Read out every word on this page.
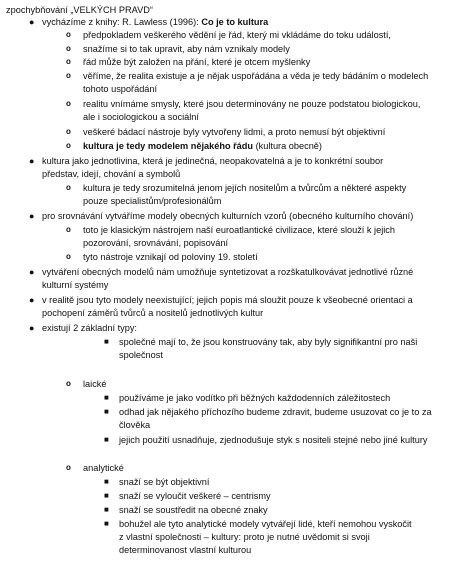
zpochybňování „VELKÝCH PRAVD“
● vycházíme z knihy: R. Lawless (1996): Co je to kultura
o předpokladem veškerého vědění je řád, který mi vkládáme do toku událostí,
o snažíme si to tak upravit, aby nám vznikaly modely
o řád může být založen na přání, které je otcem myšlenky
o věříme, že realita existuje a je nějak uspořádána a věda je tedy bádáním o modelech
tohoto uspořádání
o realitu vnímáme smysly, které jsou determinovány ne pouze podstatou biologickou,
ale i sociologickou a sociální
o veškeré bádací nástroje byly vytvořeny lidmi, a proto nemusí být objektivní
o kultura je tedy modelem nějakého řádu (kultura obecně)
● kultura jako jednotlivina, která je jedinečná, neopakovatelná a je to konkrétní soubor
představ, idejí, chování a symbolů
o kultura je tedy srozumitelná jenom jejích nositelům a tvůrcům a některé aspekty
pouze specialistům/profesionálům
● pro srovnávání vytváříme modely obecných kulturních vzorů (obecného kulturního chování)
o toto je klasickým nástrojem naší euroatlantické civilizace, které slouží k jejich
pozorování, srovnávání, popisování
o tyto nástroje vznikají od poloviny 19. století
● vytváření obecných modelů nám umožňuje syntetizovat a rozškatulkovávat jednotlivé různé
kulturní systémy
● v realitě jsou tyto modely neexistující; jejich popis má sloužit pouze k všeobecné orientaci a
pochopení záměrů tvůrců a nositelů jednotlivých kultur
● existují 2 základní typy:
■ společné mají to, že jsou konstruovány tak, aby byly signifikantní pro naši
společnost
o laické
■ používáme je jako vodítko při běžných každodenních záležitostech
■ odhad jak nějakého příchozího budeme zdravit, budeme usuzovat co je to za
člověka
■ jejich použití usnadňuje, zjednodušuje styk s nositeli stejné nebo jiné kultury
o analytické
■ snaží se být objektivní
■ snaží se vyloučit veškeré – centrismy
■ snaží se soustředit na obecné znaky
■ bohužel ale tyto analytické modely vytvářejí lidé, kteří nemohou vyskočit
z vlastní společnosti – kultury: proto je nutné uvědomit si svoji
determinovanost vlastní kulturou
